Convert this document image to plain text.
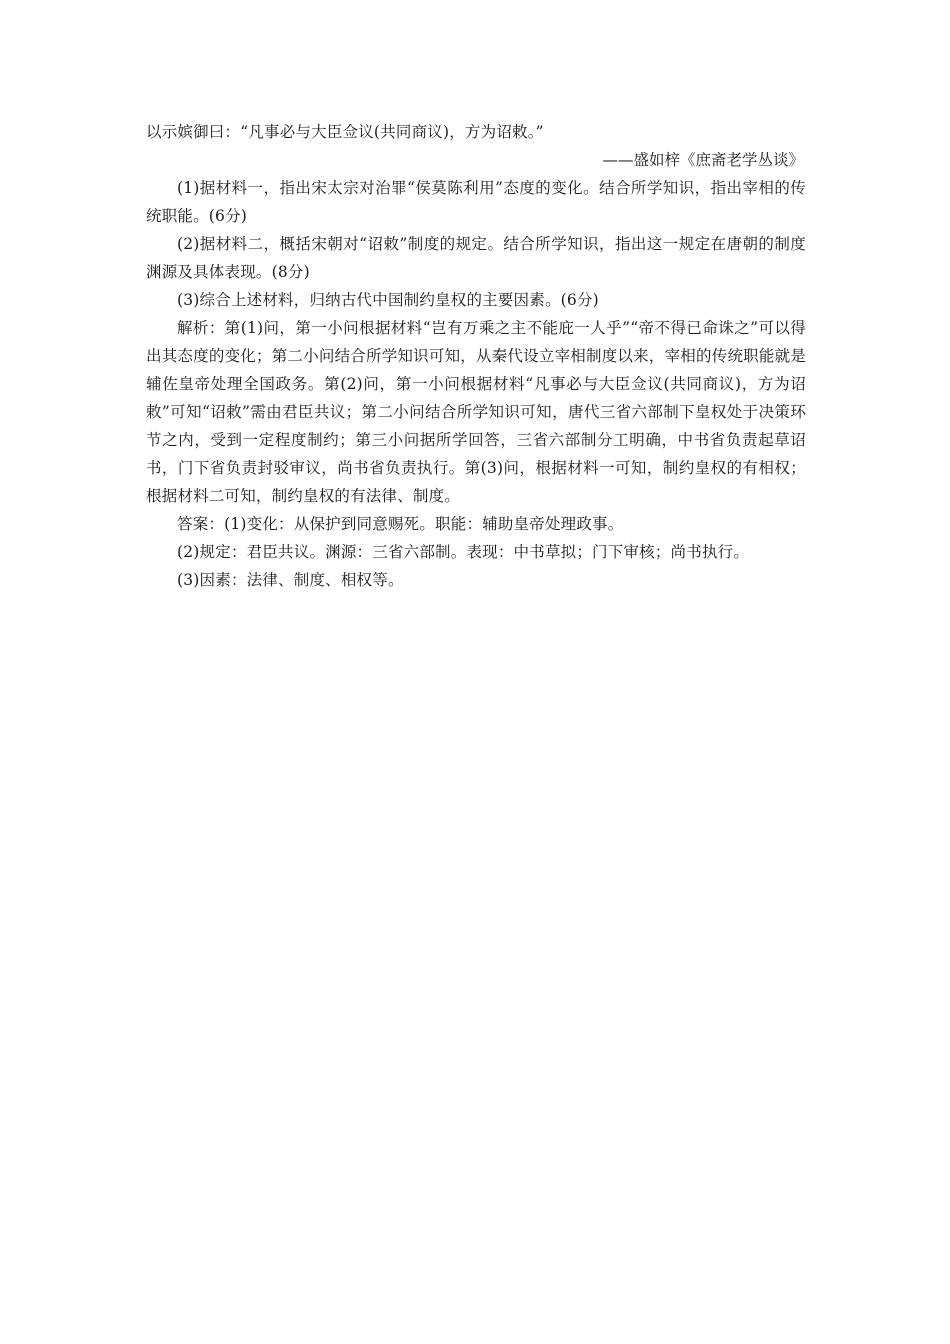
以示嫔御曰：“凡事必与大臣佥议(共同商议)，方为诏敕。”

——盛如梓《庶斋老学丛谈》

(1)据材料一，指出宋太宗对治罪“侯莫陈利用”态度的变化。结合所学知识，指出宰相的传统职能。(6分)

(2)据材料二，概括宋朝对“诏敕”制度的规定。结合所学知识，指出这一规定在唐朝的制度渊源及具体表现。(8分)

(3)综合上述材料，归纳古代中国制约皇权的主要因素。(6分)

解析：第(1)问，第一小问根据材料“岂有万乘之主不能庇一人乎”“帝不得已命诛之”可以得出其态度的变化；第二小问结合所学知识可知，从秦代设立宰相制度以来，宰相的传统职能就是辅佐皇帝处理全国政务。第(2)问，第一小问根据材料“凡事必与大臣佥议(共同商议)，方为诏敕”可知“诏敕”需由君臣共议；第二小问结合所学知识可知，唐代三省六部制下皇权处于决策环节之内，受到一定程度制约；第三小问据所学回答，三省六部制分工明确，中书省负责起草诏书，门下省负责封驳审议，尚书省负责执行。第(3)问，根据材料一可知，制约皇权的有相权；根据材料二可知，制约皇权的有法律、制度。

答案：(1)变化：从保护到同意赐死。职能：辅助皇帝处理政事。

(2)规定：君臣共议。渊源：三省六部制。表现：中书草拟；门下审核；尚书执行。

(3)因素：法律、制度、相权等。
